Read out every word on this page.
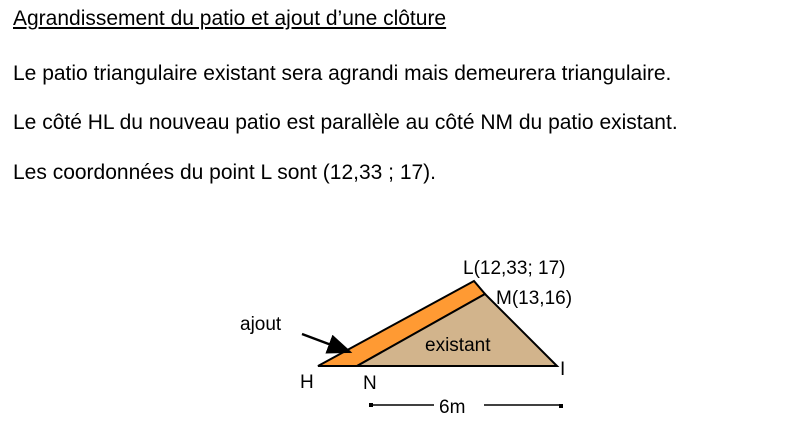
Agrandissement du patio et ajout d’une clôture
Le patio triangulaire existant sera agrandi mais demeurera triangulaire.
Le côté HL du nouveau patio est parallèle au côté NM du patio existant.
Les coordonnées du point L sont (12,33 ; 17).
L(12,33; 17)
M(13,16)
ajout
existant
H	N
I
6m
